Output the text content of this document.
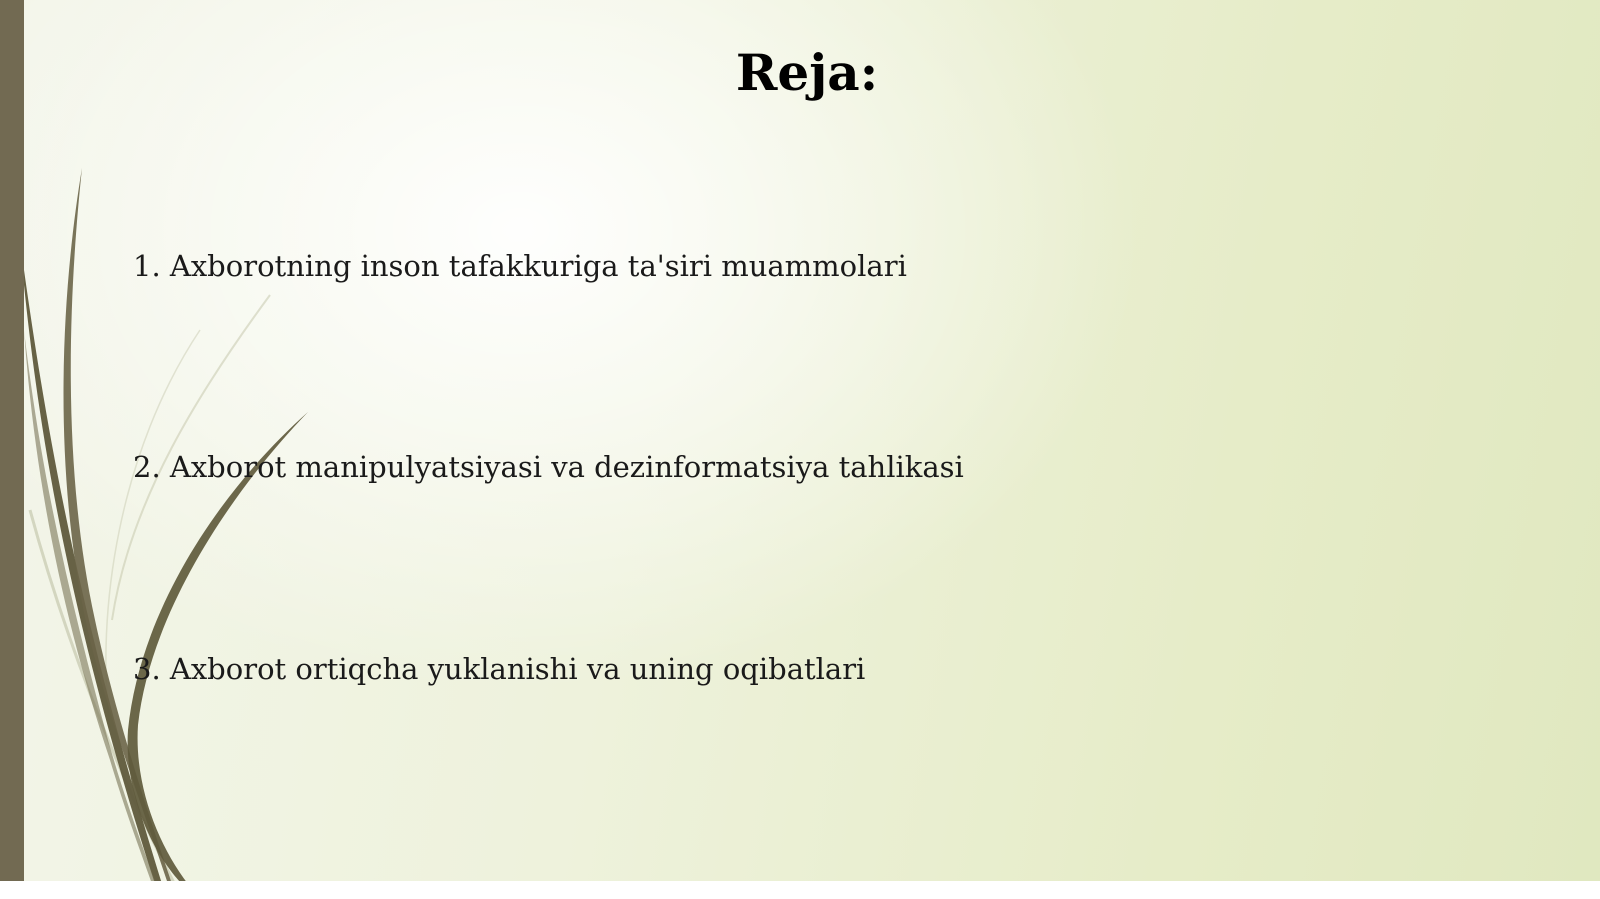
Reja:

1. Axborotning inson tafakkuriga ta'siri muammolari

2. Axborot manipulyatsiyasi va dezinformatsiya tahlikasi

3. Axborot ortiqcha yuklanishi va uning oqibatlari
